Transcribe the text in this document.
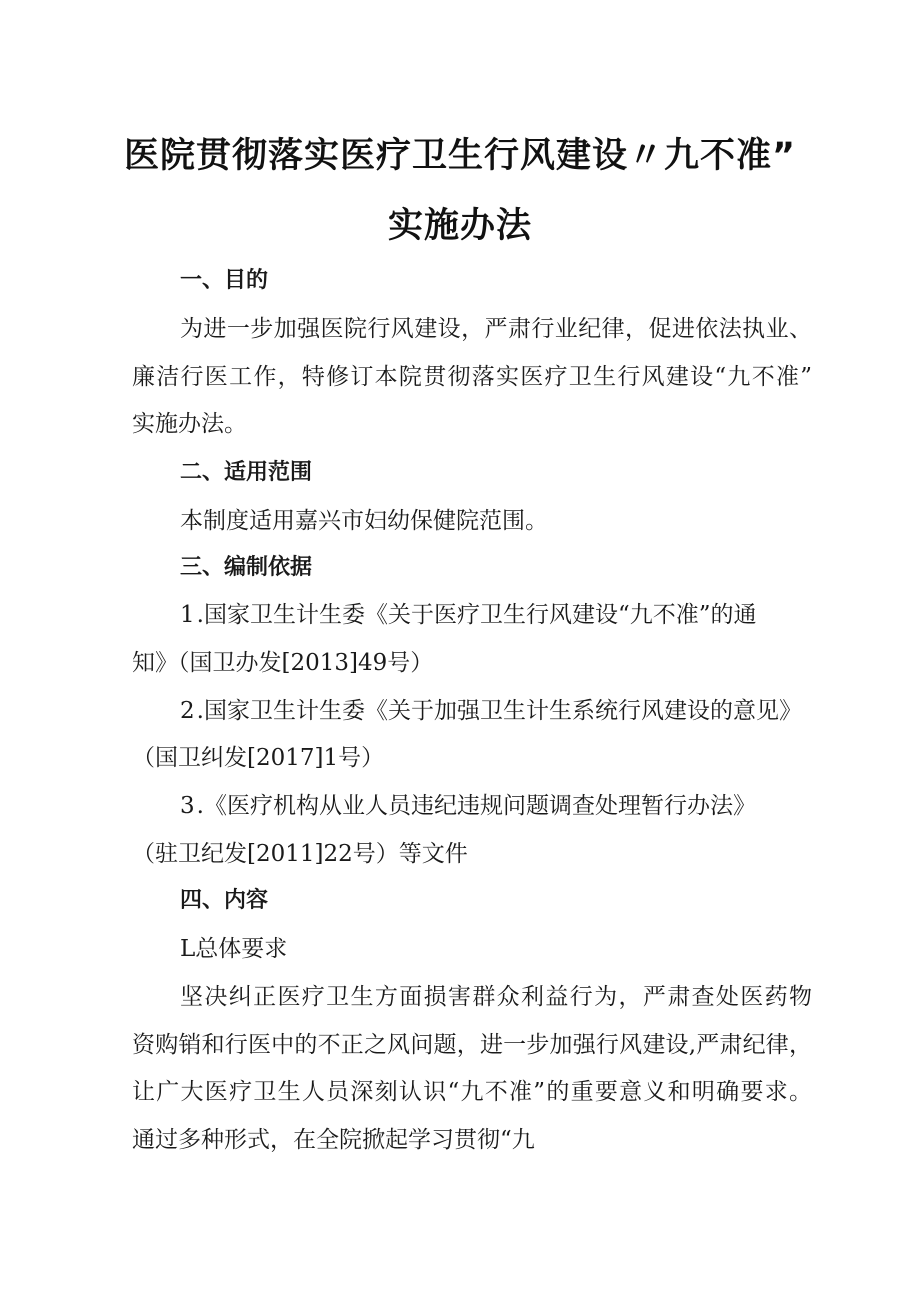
医院贯彻落实医疗卫生行风建设〃九不准”
实施办法
一、目的
为进一步加强医院行风建设，严肃行业纪律，促进依法执业、
廉洁行医工作，特修订本院贯彻落实医疗卫生行风建设“九不准”
实施办法。
二、适用范围
本制度适用嘉兴市妇幼保健院范围。
三、编制依据
1.国家卫生计生委《关于医疗卫生行风建设“九不准”的通
知》（国卫办发[2013]49号）
2.国家卫生计生委《关于加强卫生计生系统行风建设的意见》
（国卫纠发[2017]1号）
3.《医疗机构从业人员违纪违规问题调查处理暂行办法》
（驻卫纪发[2011]22号）等文件
四、内容
L总体要求
坚决纠正医疗卫生方面损害群众利益行为，严肃查处医药物
资购销和行医中的不正之风问题，进一步加强行风建设,严肃纪律，
让广大医疗卫生人员深刻认识“九不准”的重要意义和明确要求。
通过多种形式，在全院掀起学习贯彻“九
